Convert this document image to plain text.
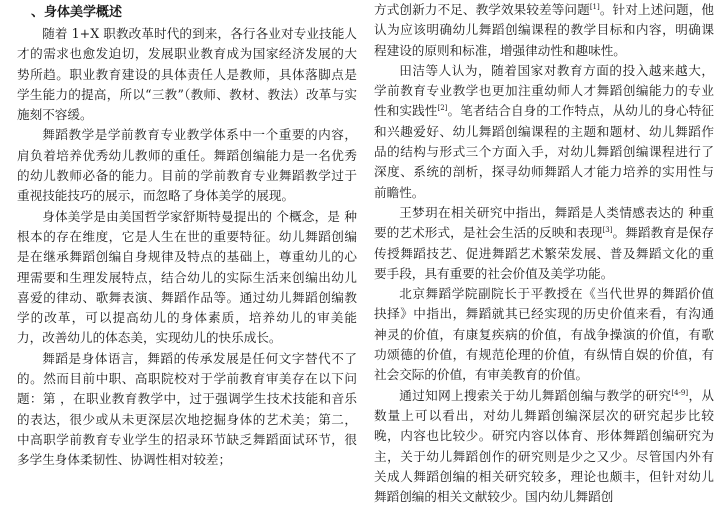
、身体美学概述

随着 1+X 职教改革时代的到来，各行各业对专业技能人才的需求也愈发迫切，发展职业教育成为国家经济发展的大势所趋。职业教育建设的具体责任人是教师，具体落脚点是学生能力的提高，所以“三教”（教师、教材、教法）改革与实施刻不容缓。

舞蹈教学是学前教育专业教学体系中一个重要的内容，肩负着培养优秀幼儿教师的重任。舞蹈创编能力是一名优秀的幼儿教师必备的能力。目前的学前教育专业舞蹈教学过于重视技能技巧的展示，而忽略了身体美学的展现。

身体美学是由美国哲学家舒斯特曼提出的 个概念，是 种根本的存在维度，它是人生在世的重要特征。幼儿舞蹈创编是在继承舞蹈创编自身规律及特点的基础上，尊重幼儿的心理需要和生理发展特点，结合幼儿的实际生活来创编出幼儿喜爱的律动、歌舞表演、舞蹈作品等。通过幼儿舞蹈创编教学的改革，可以提高幼儿的身体素质，培养幼儿的审美能力，改善幼儿的体态美，实现幼儿的快乐成长。

舞蹈是身体语言，舞蹈的传承发展是任何文字替代不了的。然而目前中职、高职院校对于学前教育审美存在以下问题：第 ，在职业教育教学中，过于强调学生技术技能和音乐的表达，很少或从未更深层次地挖掘身体的艺术美；第二，中高职学前教育专业学生的招录环节缺乏舞蹈面试环节，很多学生身体柔韧性、协调性相对较差；

方式创新力不足、教学效果较差等问题[1]。针对上述问题，他认为应该明确幼儿舞蹈创编课程的教学目标和内容，明确课程建设的原则和标准，增强律动性和趣味性。

田洁等人认为，随着国家对教育方面的投入越来越大，学前教育专业教学也更加注重幼师人才舞蹈创编能力的专业性和实践性[2]。笔者结合自身的工作特点，从幼儿的身心特征和兴趣爱好、幼儿舞蹈创编课程的主题和题材、幼儿舞蹈作品的结构与形式三个方面入手，对幼儿舞蹈创编课程进行了深度、系统的剖析，探寻幼师舞蹈人才能力培养的实用性与前瞻性。

王梦玥在相关研究中指出，舞蹈是人类情感表达的 种重要的艺术形式，是社会生活的反映和表现[3]。舞蹈教育是保存传授舞蹈技艺、促进舞蹈艺术繁荣发展、普及舞蹈文化的重要手段，具有重要的社会价值及美学功能。

北京舞蹈学院副院长于平教授在《当代世界的舞蹈价值抉择》中指出，舞蹈就其已经实现的历史价值来看，有沟通神灵的价值，有康复疾病的价值，有战争操演的价值，有歌功颂德的价值，有规范伦理的价值，有纵情自娱的价值，有社会交际的价值，有审美教育的价值。

通过知网上搜索关于幼儿舞蹈创编与教学的研究[4-9]，从数量上可以看出，对幼儿舞蹈创编深层次的研究起步比较晚，内容也比较少。研究内容以体育、形体舞蹈创编研究为主，关于幼儿舞蹈创作的研究则是少之又少。尽管国内外有关成人舞蹈创编的相关研究较多，理论也颇丰，但针对幼儿舞蹈创编的相关文献较少。国内幼儿舞蹈创
